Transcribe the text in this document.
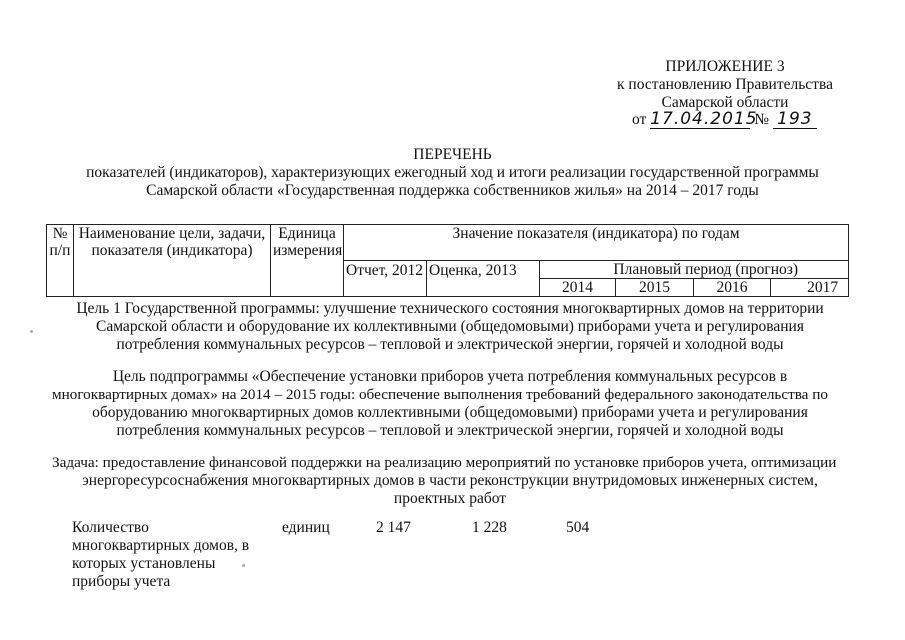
ПРИЛОЖЕНИЕ 3
к постановлению Правительства
Самарской области
от 17.04.2015№ 193
ПЕРЕЧЕНЬ
показателей (индикаторов), характеризующих ежегодный ход и итоги реализации государственной программы
Самарской области «Государственная поддержка собственников жилья» на 2014 – 2017 годы
№ п/п	Наименование цели, задачи, показателя (индикатора)	Единица измерения	Значение показателя (индикатора) по годам					
			Отчет, 2012	Оценка, 2013	Плановый период (прогноз)			
					2014	2015	2016	2017
Цель 1 Государственной программы: улучшение технического состояния многоквартирных домов на территории
Самарской области и оборудование их коллективными (общедомовыми) приборами учета и регулирования
потребления коммунальных ресурсов – тепловой и электрической энергии, горячей и холодной воды
Цель подпрограммы «Обеспечение установки приборов учета потребления коммунальных ресурсов в
многоквартирных домах» на 2014 – 2015 годы: обеспечение выполнения требований федерального законодательства по
оборудованию многоквартирных домов коллективными (общедомовыми) приборами учета и регулирования
потребления коммунальных ресурсов – тепловой и электрической энергии, горячей и холодной воды
Задача: предоставление финансовой поддержки на реализацию мероприятий по установке приборов учета, оптимизации
энергоресурсоснабжения многоквартирных домов в части реконструкции внутридомовых инженерных систем,
проектных работ
Количество
многоквартирных домов, в
которых установлены
приборы учета
единиц	2 147	1 228	504
